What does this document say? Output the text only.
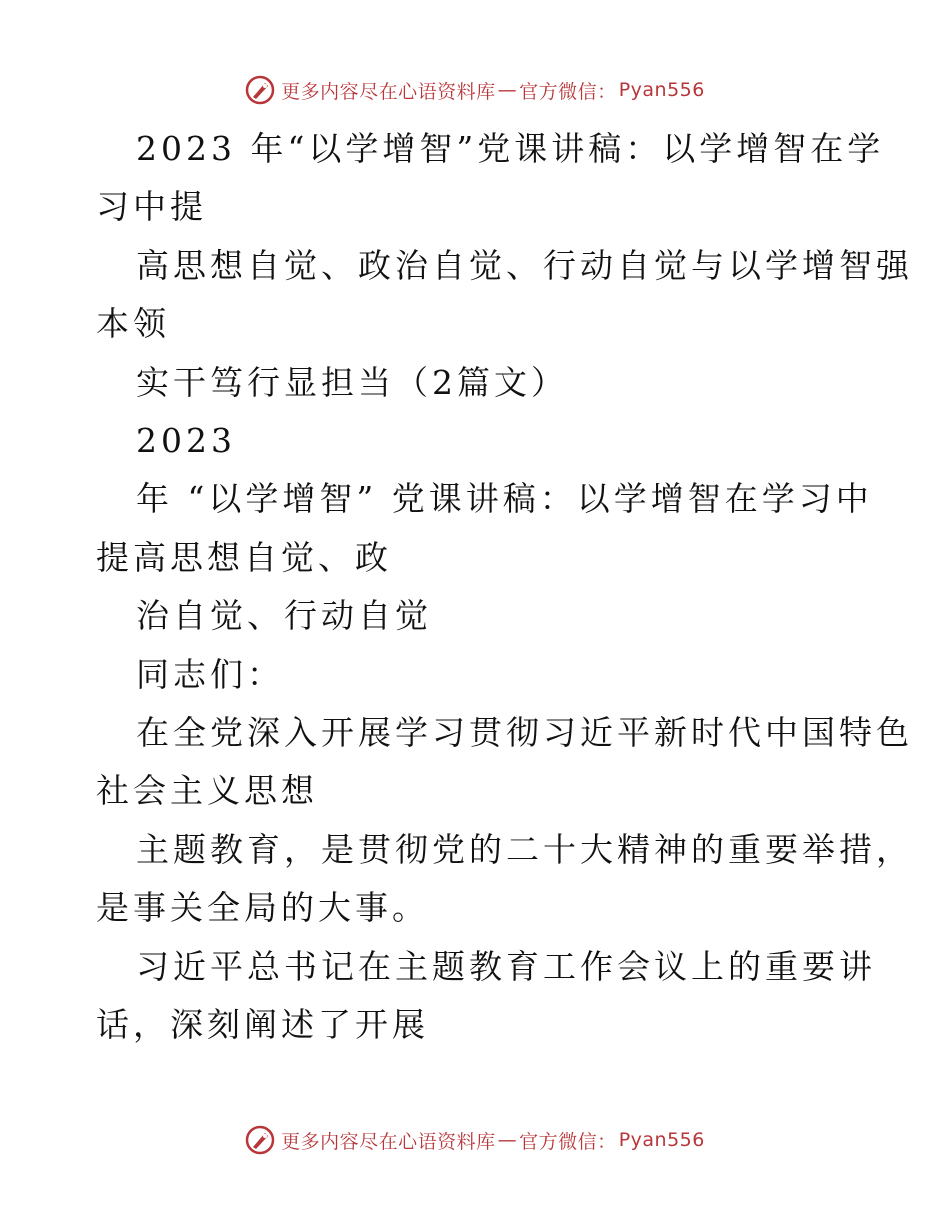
更多内容尽在心语资料库 — 官方微信： Pyan556
2023 年“以学增智”党课讲稿：以学增智在学
习中提
高思想自觉、政治自觉、行动自觉与以学增智强
本领
实干笃行显担当（2篇文）
2023
年 “以学增智” 党课讲稿：以学增智在学习中
提高思想自觉、政
治自觉、行动自觉
同志们：
在全党深入开展学习贯彻习近平新时代中国特色
社会主义思想
主题教育，是贯彻党的二十大精神的重要举措，
是事关全局的大事。
习近平总书记在主题教育工作会议上的重要讲
话，深刻阐述了开展
更多内容尽在心语资料库 — 官方微信： Pyan556
